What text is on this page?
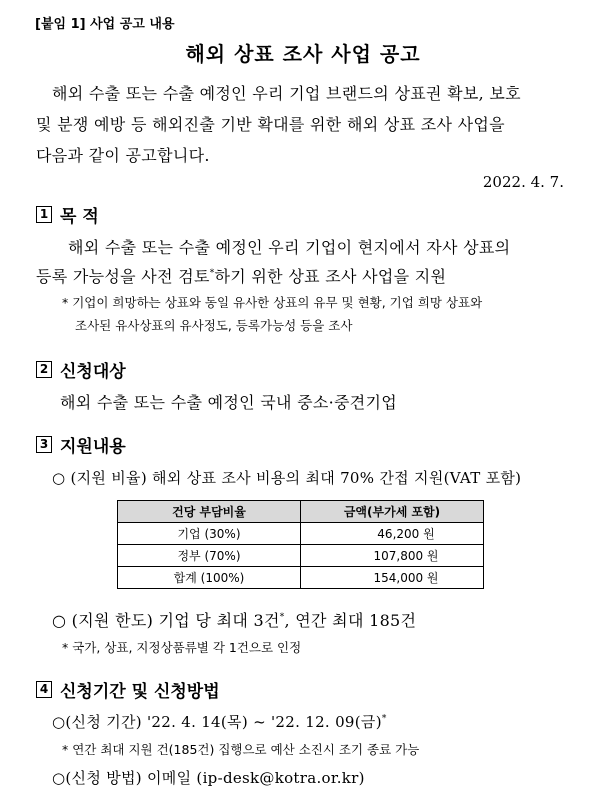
[붙임 1] 사업 공고 내용
해외 상표 조사 사업 공고
해외 수출 또는 수출 예정인 우리 기업 브랜드의 상표권 확보, 보호
및 분쟁 예방 등 해외진출 기반 확대를 위한 해외 상표 조사 사업을
다음과 같이 공고합니다.
2022. 4. 7.
1 목 적
해외 수출 또는 수출 예정인 우리 기업이 현지에서 자사 상표의
등록 가능성을 사전 검토*하기 위한 상표 조사 사업을 지원
* 기업이 희망하는 상표와 동일 유사한 상표의 유무 및 현황, 기업 희망 상표와
조사된 유사상표의 유사정도, 등록가능성 등을 조사
2 신청대상
해외 수출 또는 수출 예정인 국내 중소·중견기업
3 지원내용
○ (지원 비율) 해외 상표 조사 비용의 최대 70% 간접 지원(VAT 포함)
건당 부담비율	금액(부가세 포함)
기업 (30%)	46,200 원
정부 (70%)	107,800 원
합계 (100%)	154,000 원
○ (지원 한도) 기업 당 최대 3건*, 연간 최대 185건
* 국가, 상표, 지정상품류별 각 1건으로 인정
4 신청기간 및 신청방법
○(신청 기간) '22. 4. 14(목) ~ '22. 12. 09(금)*
* 연간 최대 지원 건(185건) 집행으로 예산 소진시 조기 종료 가능
○(신청 방법) 이메일 (ip-desk@kotra.or.kr)
